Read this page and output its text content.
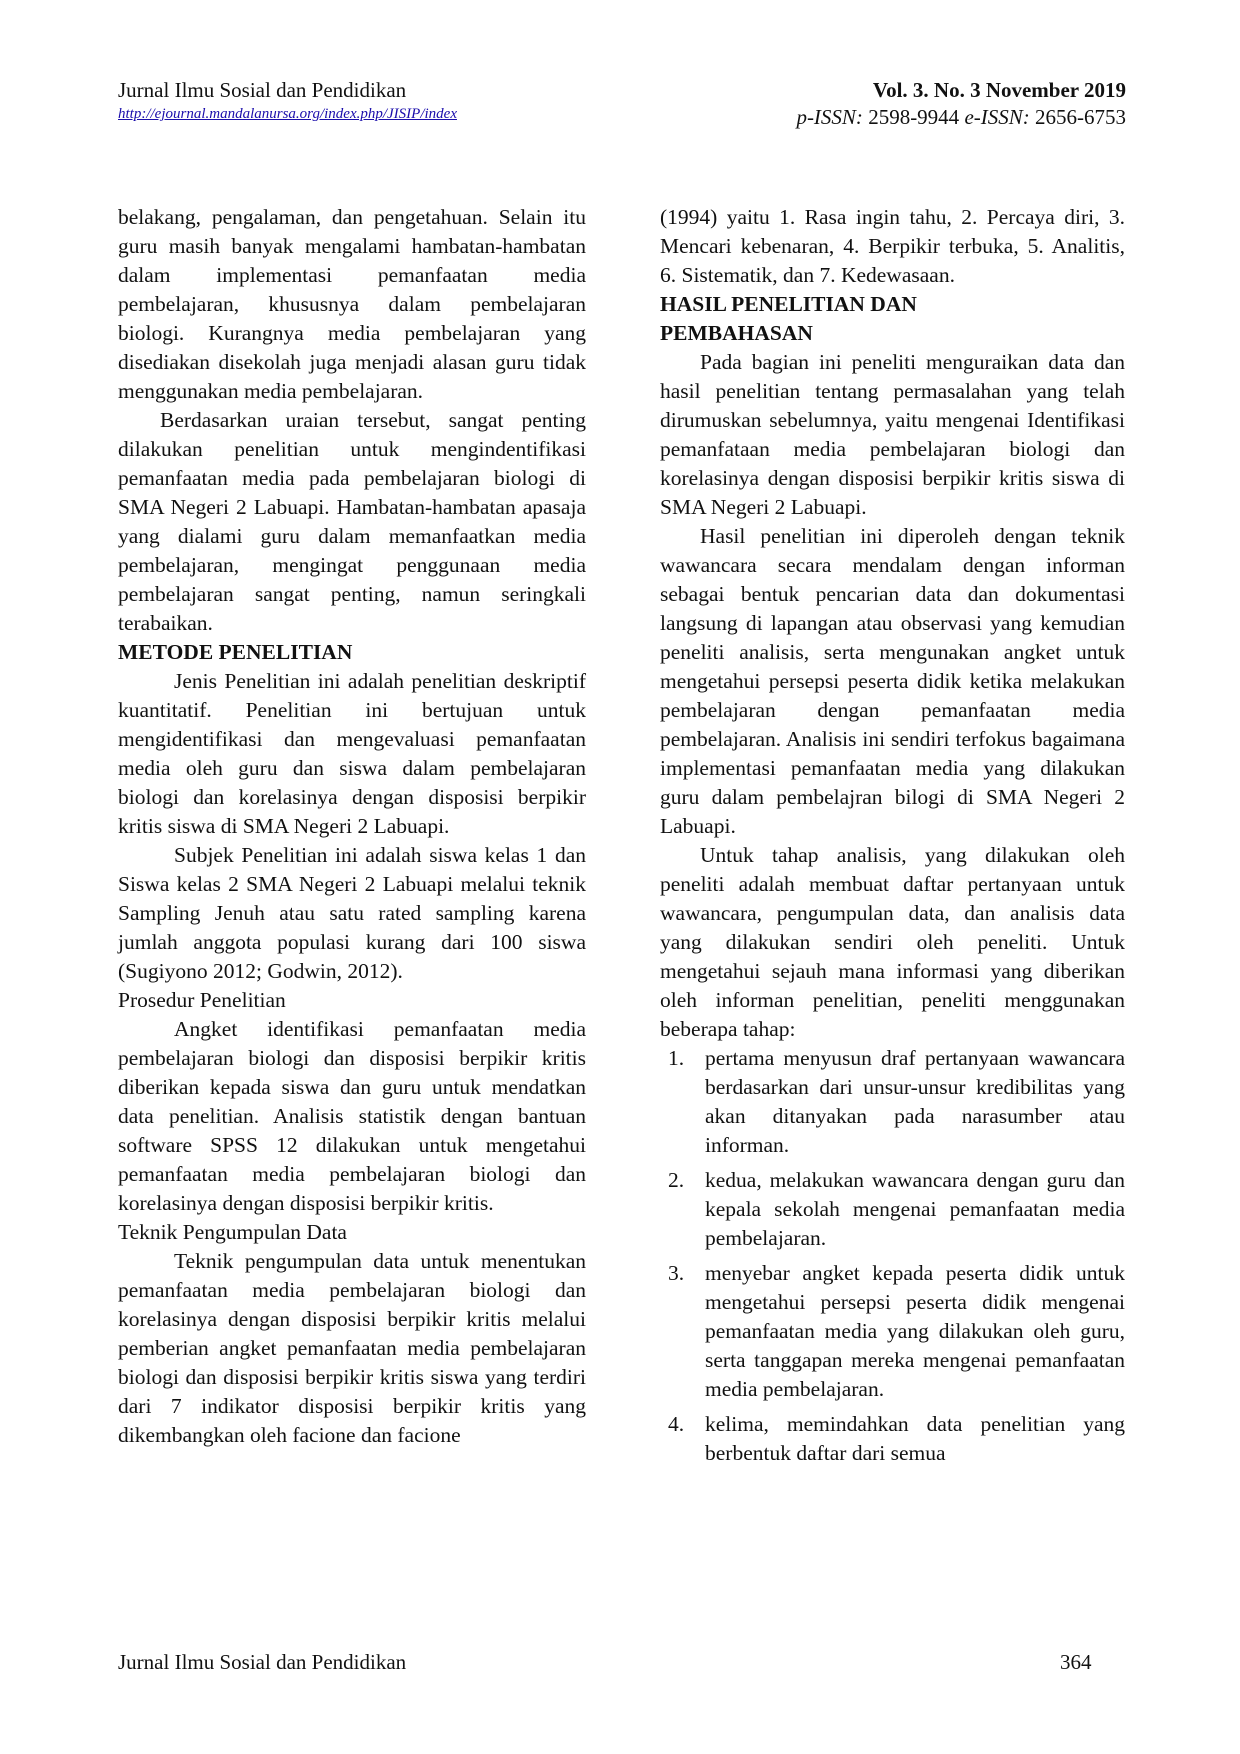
Jurnal Ilmu Sosial dan Pendidikan
http://ejournal.mandalanursa.org/index.php/JISIP/index
Vol. 3. No. 3 November 2019
p-ISSN: 2598-9944 e-ISSN: 2656-6753

belakang, pengalaman, dan pengetahuan. Selain itu guru masih banyak mengalami hambatan-hambatan dalam implementasi pemanfaatan media pembelajaran, khususnya dalam pembelajaran biologi. Kurangnya media pembelajaran yang disediakan disekolah juga menjadi alasan guru tidak menggunakan media pembelajaran.

Berdasarkan uraian tersebut, sangat penting dilakukan penelitian untuk mengindentifikasi pemanfaatan media pada pembelajaran biologi di SMA Negeri 2 Labuapi. Hambatan-hambatan apasaja yang dialami guru dalam memanfaatkan media pembelajaran, mengingat penggunaan media pembelajaran sangat penting, namun seringkali terabaikan.

METODE PENELITIAN

Jenis Penelitian ini adalah penelitian deskriptif kuantitatif. Penelitian ini bertujuan untuk mengidentifikasi dan mengevaluasi pemanfaatan media oleh guru dan siswa dalam pembelajaran biologi dan korelasinya dengan disposisi berpikir kritis siswa di SMA Negeri 2 Labuapi.

Subjek Penelitian ini adalah siswa kelas 1 dan Siswa kelas 2 SMA Negeri 2 Labuapi melalui teknik Sampling Jenuh atau satu rated sampling karena jumlah anggota populasi kurang dari 100 siswa (Sugiyono 2012; Godwin, 2012).

Prosedur Penelitian

Angket identifikasi pemanfaatan media pembelajaran biologi dan disposisi berpikir kritis diberikan kepada siswa dan guru untuk mendatkan data penelitian. Analisis statistik dengan bantuan software SPSS 12 dilakukan untuk mengetahui pemanfaatan media pembelajaran biologi dan korelasinya dengan disposisi berpikir kritis.

Teknik Pengumpulan Data

Teknik pengumpulan data untuk menentukan pemanfaatan media pembelajaran biologi dan korelasinya dengan disposisi berpikir kritis melalui pemberian angket pemanfaatan media pembelajaran biologi dan disposisi berpikir kritis siswa yang terdiri dari 7 indikator disposisi berpikir kritis yang dikembangkan oleh facione dan facione

(1994) yaitu 1. Rasa ingin tahu, 2. Percaya diri, 3. Mencari kebenaran, 4. Berpikir terbuka, 5. Analitis, 6. Sistematik, dan 7. Kedewasaan.

HASIL PENELITIAN DAN
PEMBAHASAN

Pada bagian ini peneliti menguraikan data dan hasil penelitian tentang permasalahan yang telah dirumuskan sebelumnya, yaitu mengenai Identifikasi pemanfataan media pembelajaran biologi dan korelasinya dengan disposisi berpikir kritis siswa di SMA Negeri 2 Labuapi.

Hasil penelitian ini diperoleh dengan teknik wawancara secara mendalam dengan informan sebagai bentuk pencarian data dan dokumentasi langsung di lapangan atau observasi yang kemudian peneliti analisis, serta mengunakan angket untuk mengetahui persepsi peserta didik ketika melakukan pembelajaran dengan pemanfaatan media pembelajaran. Analisis ini sendiri terfokus bagaimana implementasi pemanfaatan media yang dilakukan guru dalam pembelajran bilogi di SMA Negeri 2 Labuapi.

Untuk tahap analisis, yang dilakukan oleh peneliti adalah membuat daftar pertanyaan untuk wawancara, pengumpulan data, dan analisis data yang dilakukan sendiri oleh peneliti. Untuk mengetahui sejauh mana informasi yang diberikan oleh informan penelitian, peneliti menggunakan beberapa tahap:

1. pertama menyusun draf pertanyaan wawancara berdasarkan dari unsur-unsur kredibilitas yang akan ditanyakan pada narasumber atau informan.
2. kedua, melakukan wawancara dengan guru dan kepala sekolah mengenai pemanfaatan media pembelajaran.
3. menyebar angket kepada peserta didik untuk mengetahui persepsi peserta didik mengenai pemanfaatan media yang dilakukan oleh guru, serta tanggapan mereka mengenai pemanfaatan media pembelajaran.
4. kelima, memindahkan data penelitian yang berbentuk daftar dari semua
Jurnal Ilmu Sosial dan Pendidikan	364
